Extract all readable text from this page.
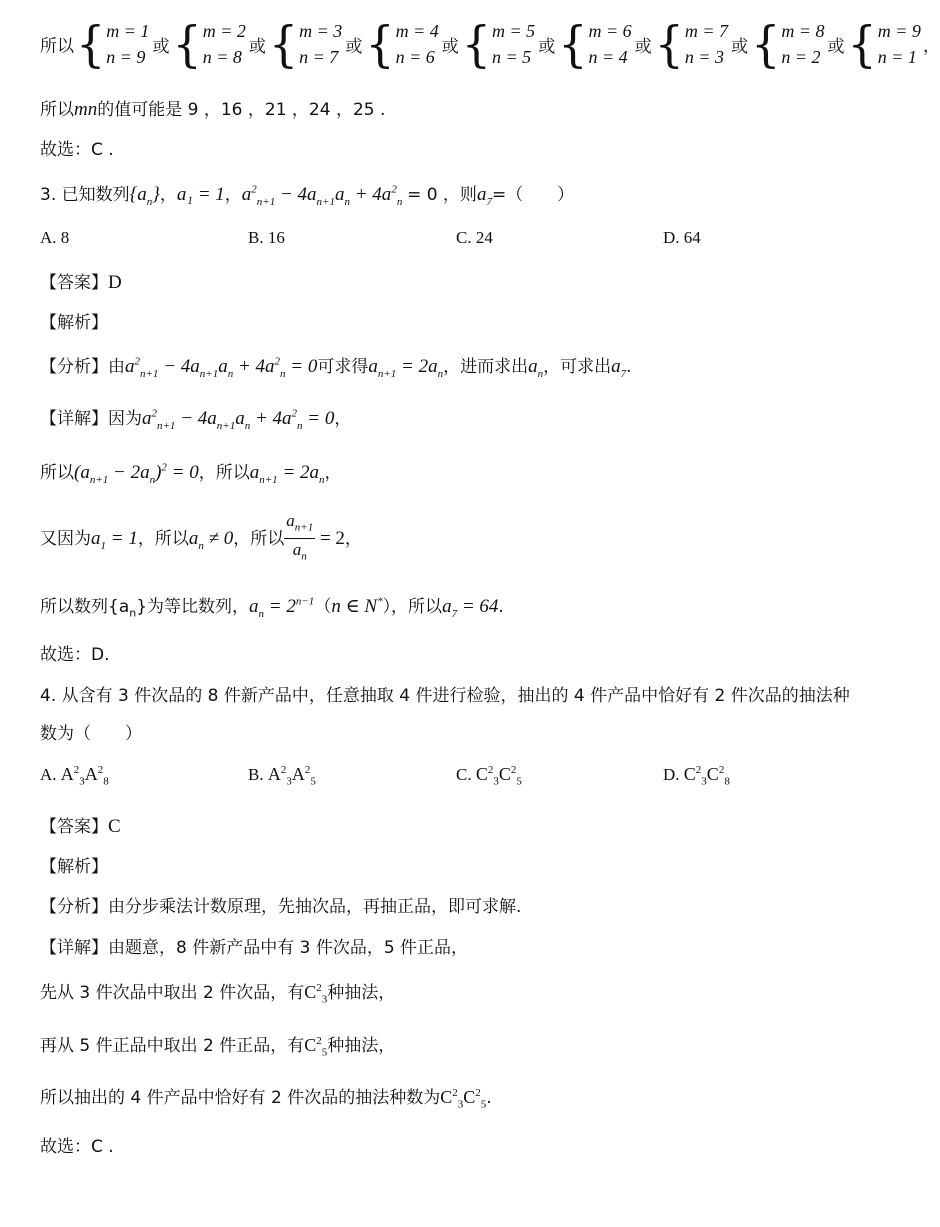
所以 { m = 1
n = 9
或 { m = 2
n = 8
或 { m = 3
n = 7
或 { m = 4
n = 6
或 { m = 5
n = 5
或 { m = 6
n = 4
或 { m = 7
n = 3
或 { m = 8
n = 2
或 { m = 9
n = 1
，
所以mn的值可能是 9 ，16 ，21 ，24 ，25 .
故选：C .
3. 已知数列$\{a_n\}$，a₁ = 1，$a^2_{n+1} - 4a_{n+1}a_n + 4a^2_n = 0$ ，则$a_7=$（　　）
A. 8	B. 16	C. 24	D. 64
【答案】D
【解析】
【分析】由$a^2_{n+1} - 4a_{n+1}a_n + 4a^2_n = 0$可求得$a_{n+1} = 2a_n$，进而求出$a_n$，可求出$a_7$.
【详解】因为$a^2_{n+1} - 4a_{n+1}a_n + 4a^2_n = 0$，
所以$(a_{n+1} - 2a_n)^2 = 0$，所以$a_{n+1} = 2a_n$，
又因为$a_1 = 1$，所以$a_n \ne 0$，所以 $\frac{a_{n+1}}{a_n} = 2$，
所以数列$\{a_n\}$为等比数列，$a_n = 2^{n-1}(n$ ∈ N*），所以$a_7 = 64$.
故选：D.
4. 从含有 3 件次品的 8 件新产品中，任意抽取 4 件进行检验，抽出的 4 件产品中恰好有 2 件次品的抽法种
数为（　　）
A. $A^2_3A^2_8$	B. $A^2_3A^2_5$	C. $C^2_3C^2_5$	D. $C^2_3C^2_8$
【答案】C
【解析】
【分析】由分步乘法计数原理，先抽次品，再抽正品，即可求解.
【详解】由题意，8 件新产品中有 3 件次品，5 件正品，
先从 3 件次品中取出 2 件次品，有$C^2_3$种抽法，
再从 5 件正品中取出 2 件正品，有$C^2_5$种抽法，
所以抽出的 4 件产品中恰好有 2 件次品的抽法种数为$C^2_3C^2_5$.
故选：C .
